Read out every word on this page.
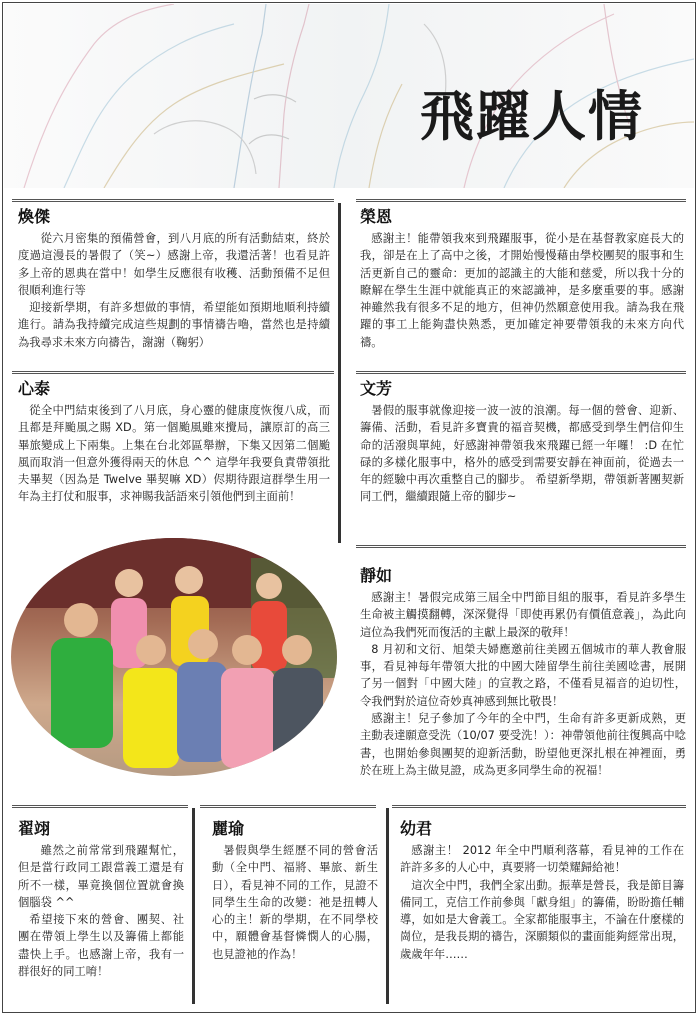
飛躍人情
煥傑

從六月密集的預備營會，到八月底的所有活動結束，終於度過這漫長的暑假了（笑~）感謝上帝，我還活著！也看見許多上帝的恩典在當中！如學生反應很有收穫、活動預備不足但很順利進行等

迎接新學期，有許多想做的事情，希望能如預期地順利持續進行。請為我持續完成這些規劃的事情禱告嚕，當然也是持續為我尋求未來方向禱告，謝謝（鞠躬）

榮恩

感謝主！能帶領我來到飛躍服事，從小是在基督教家庭長大的我，卻是在上了高中之後，才開始慢慢藉由學校團契的服事和生活更新自己的靈命：更加的認識主的大能和慈愛，所以我十分的瞭解在學生生涯中就能真正的來認識神，是多麼重要的事。感謝神雖然我有很多不足的地方，但神仍然願意使用我。請為我在飛躍的事工上能夠盡快熟悉，更加確定神要帶領我的未來方向代禱。

心泰

從全中門結束後到了八月底，身心靈的健康度恢復八成，而且都是拜颱風之賜 XD。第一個颱風雖來攪局，讓原訂的高三畢旅變成上下兩集。上集在台北郊區舉辦，下集又因第二個颱風而取消一但意外獲得兩天的休息 ^^ 這學年我要負責帶領批夫畢契（因為是 Twelve 畢契嘛 XD）侭期待跟這群學生用一年為主打仗和服事，求神賜我話語來引領他們到主面前！

文芳

暑假的服事就像迎接一波一波的浪潮。每一個的營會、迎新、籌備、活動，看見許多寶貴的福音契機，都感受到學生們信仰生命的活潑與單純，好感謝神帶領我來飛躍已經一年囉！ :D 在忙碌的多樣化服事中，格外的感受到需要安靜在神面前，從過去一年的經驗中再次重整自己的腳步。 希望新學期，帶領新著團契新同工們，繼續跟隨上帝的腳步~

靜如

感謝主！暑假完成第三屆全中門節目組的服事，看見許多學生生命被主觸摸翻轉，深深覺得「即使再累仍有價值意義」，為此向這位為我們死而復活的主獻上最深的敬拜！

8 月初和文衍、旭榮夫婦應邀前往美國五個城市的華人教會服事，看見神每年帶領大批的中國大陸留學生前往美國唸書，展開了另一個對「中國大陸」的宣教之路，不僅看見福音的迫切性，令我們對於這位奇妙真神感到無比敬畏！

感謝主！兒子參加了今年的全中門，生命有許多更新成熟，更主動表達願意受洗（10/07 要受洗！）：神帶領他前往復興高中唸書，也開始參與團契的迎新活動，盼望他更深扎根在神裡面，勇於在班上為主做見證，成為更多同學生命的祝福！

翟翊

雖然之前常常到飛躍幫忙，但是當行政同工跟當義工還是有所不一樣，畢竟換個位置就會換個腦袋 ^^

希望接下來的營會、團契、社團在帶領上學生以及籌備上都能盡快上手。也感謝上帝，我有一群很好的同工唷！

麗瑜

暑假與學生經歷不同的營會活動（全中門、福將、畢旅、新生日），看見神不同的工作，見證不同學生生命的改變：祂是扭轉人心的主！新的學期，在不同學校中，願體會基督憐憫人的心腸，也見證祂的作為！

幼君

感謝主！ 2012 年全中門順利落幕，看見神的工作在許許多多的人心中，真要將一切榮耀歸給祂！

這次全中門，我們全家出動。振華是營長，我是節目籌備同工，克信工作前參與「獻身組」的籌備，盼盼擔任輔導，如如是大會義工。全家都能服事主，不論在什麼樣的崗位，是我長期的禱告，深願類似的畫面能夠經常出現，歲歲年年……
